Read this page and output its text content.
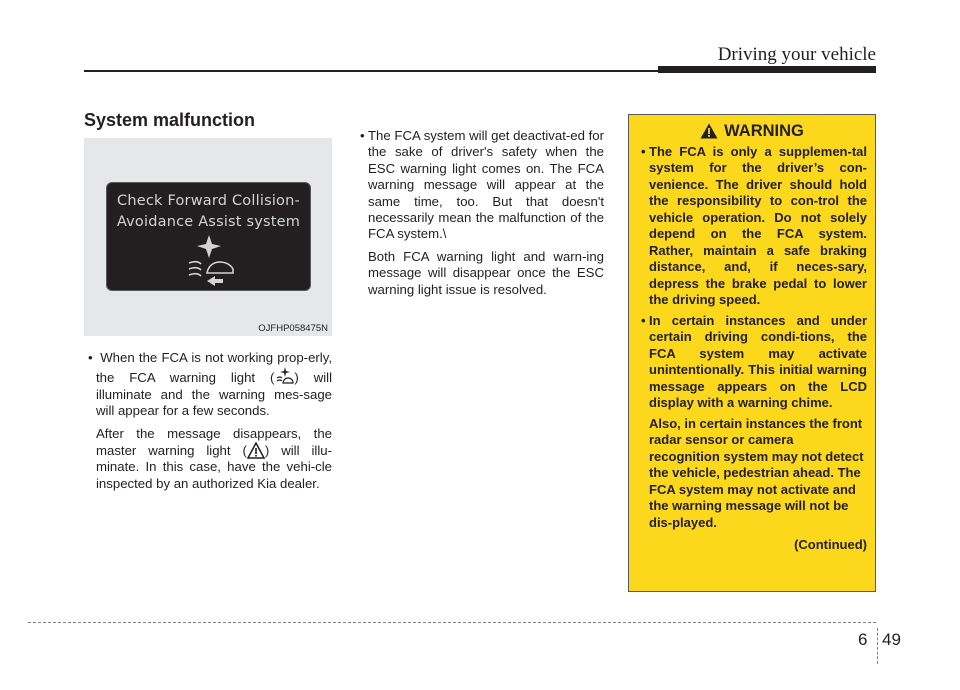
Driving your vehicle
System malfunction
Check Forward Collision-
Avoidance Assist system
OJFHP058475N
• When the FCA is not working prop-erly, the FCA warning light ( ) will illuminate and the warning mes-sage will appear for a few seconds.
After the message disappears, the master warning light ( ) will illu-minate. In this case, have the vehi-cle inspected by an authorized Kia dealer.
• The FCA system will get deactivat-ed for the sake of driver's safety when the ESC warning light comes on. The FCA warning message will appear at the same time, too. But that doesn't necessarily mean the malfunction of the FCA system.\
Both FCA warning light and warn-ing message will disappear once the ESC warning light issue is resolved.
WARNING
• The FCA is only a supplemen-tal system for the driver’s con-venience. The driver should hold the responsibility to con-trol the vehicle operation. Do not solely depend on the FCA system. Rather, maintain a safe braking distance, and, if neces-sary, depress the brake pedal to lower the driving speed.
• In certain instances and under certain driving condi-tions, the FCA system may activate unintentionally. This initial warning message appears on the LCD display with a warning chime.
Also, in certain instances the front radar sensor or camera recognition system may not detect the vehicle, pedestrian ahead. The FCA system may not activate and the warning message will not be dis-played.
(Continued)
6 49
